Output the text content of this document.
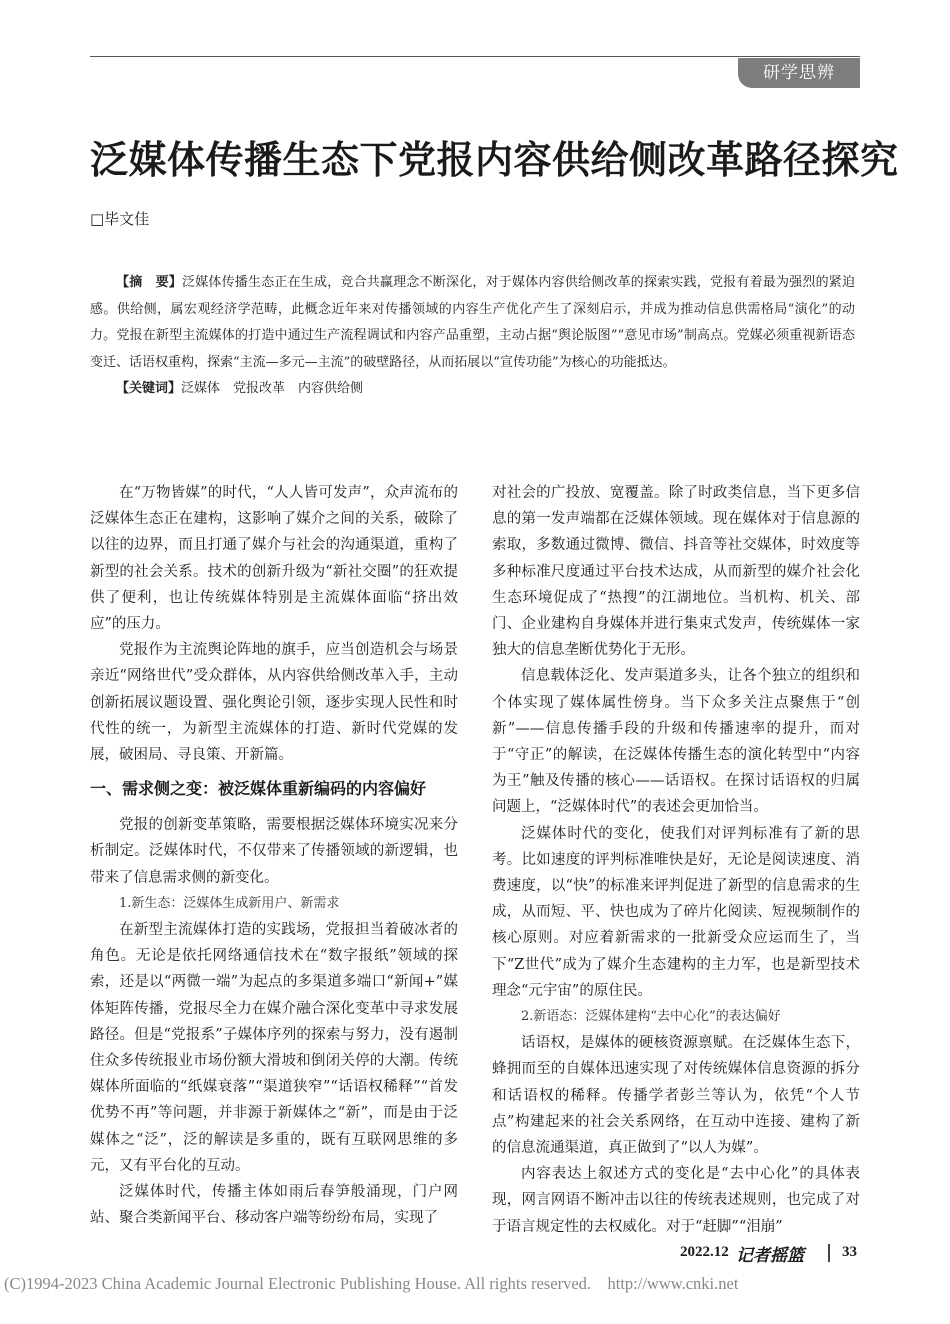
研学思辨
泛媒体传播生态下党报内容供给侧改革路径探究
□毕文佳

【摘　要】泛媒体传播生态正在生成，竞合共赢理念不断深化，对于媒体内容供给侧改革的探索实践，党报有着最为强烈的紧迫感。供给侧，属宏观经济学范畴，此概念近年来对传播领域的内容生产优化产生了深刻启示，并成为推动信息供需格局“演化”的动力。党报在新型主流媒体的打造中通过生产流程调试和内容产品重塑，主动占据“舆论版图”“意见市场”制高点。党媒必须重视新语态变迁、话语权重构，探索“主流—多元—主流”的破壁路径，从而拓展以“宣传功能”为核心的功能抵达。

【关键词】泛媒体　党报改革　内容供给侧

在“万物皆媒”的时代，“人人皆可发声”，众声流布的泛媒体生态正在建构，这影响了媒介之间的关系，破除了以往的边界，而且打通了媒介与社会的沟通渠道，重构了新型的社会关系。技术的创新升级为“新社交圈”的狂欢提供了便利，也让传统媒体特别是主流媒体面临“挤出效应”的压力。

党报作为主流舆论阵地的旗手，应当创造机会与场景亲近“网络世代”受众群体，从内容供给侧改革入手，主动创新拓展议题设置、强化舆论引领，逐步实现人民性和时代性的统一，为新型主流媒体的打造、新时代党媒的发展，破困局、寻良策、开新篇。

一、需求侧之变：被泛媒体重新编码的内容偏好

党报的创新变革策略，需要根据泛媒体环境实况来分析制定。泛媒体时代，不仅带来了传播领域的新逻辑，也带来了信息需求侧的新变化。

1.新生态：泛媒体生成新用户、新需求

在新型主流媒体打造的实践场，党报担当着破冰者的角色。无论是依托网络通信技术在“数字报纸”领域的探索，还是以“两微一端”为起点的多渠道多端口“新闻+”媒体矩阵传播，党报尽全力在媒介融合深化变革中寻求发展路径。但是“党报系”子媒体序列的探索与努力，没有遏制住众多传统报业市场份额大滑坡和倒闭关停的大潮。传统媒体所面临的“纸媒衰落”“渠道狭窄”“话语权稀释”“首发优势不再”等问题，并非源于新媒体之“新”，而是由于泛媒体之“泛”，泛的解读是多重的，既有互联网思维的多元，又有平台化的互动。

泛媒体时代，传播主体如雨后春笋般涌现，门户网站、聚合类新闻平台、移动客户端等纷纷布局，实现了

对社会的广投放、宽覆盖。除了时政类信息，当下更多信息的第一发声端都在泛媒体领域。现在媒体对于信息源的索取，多数通过微博、微信、抖音等社交媒体，时效度等多种标准尺度通过平台技术达成，从而新型的媒介社会化生态环境促成了“热搜”的江湖地位。当机构、机关、部门、企业建构自身媒体并进行集束式发声，传统媒体一家独大的信息垄断优势化于无形。

信息载体泛化、发声渠道多头，让各个独立的组织和个体实现了媒体属性傍身。当下众多关注点聚焦于“创新”——信息传播手段的升级和传播速率的提升，而对于“守正”的解读，在泛媒体传播生态的演化转型中“内容为王”触及传播的核心——话语权。在探讨话语权的归属问题上，“泛媒体时代”的表述会更加恰当。

泛媒体时代的变化，使我们对评判标准有了新的思考。比如速度的评判标准唯快是好，无论是阅读速度、消费速度，以“快”的标准来评判促进了新型的信息需求的生成，从而短、平、快也成为了碎片化阅读、短视频制作的核心原则。对应着新需求的一批新受众应运而生了，当下“Z世代”成为了媒介生态建构的主力军，也是新型技术理念“元宇宙”的原住民。

2.新语态：泛媒体建构“去中心化”的表达偏好

话语权，是媒体的硬核资源禀赋。在泛媒体生态下，蜂拥而至的自媒体迅速实现了对传统媒体信息资源的拆分和话语权的稀释。传播学者彭兰等认为，依凭“个人节点”构建起来的社会关系网络，在互动中连接、建构了新的信息流通渠道，真正做到了“以人为媒”。

内容表达上叙述方式的变化是“去中心化”的具体表现，网言网语不断冲击以往的传统表述规则，也完成了对于语言规定性的去权威化。对于“赶脚”“泪崩”

2022.12 记者摇篮	33
(C)1994-2023 China Academic Journal Electronic Publishing House. All rights reserved.　http://www.cnki.net
